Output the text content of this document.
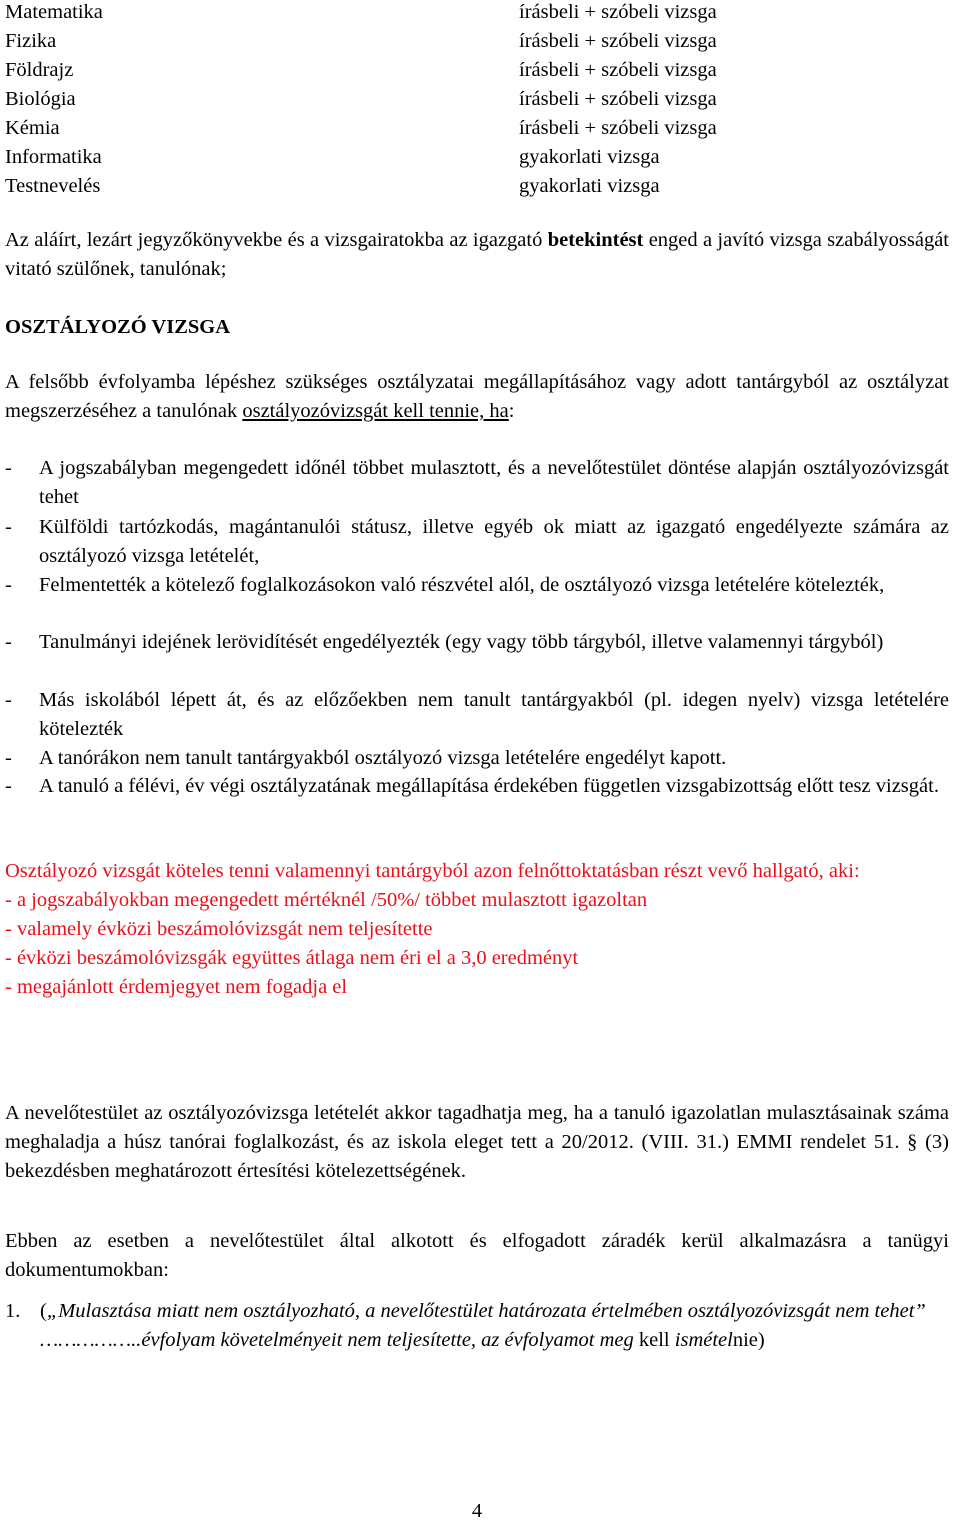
Matematika	írásbeli + szóbeli vizsga
Fizika	írásbeli + szóbeli vizsga
Földrajz	írásbeli + szóbeli vizsga
Biológia	írásbeli + szóbeli vizsga
Kémia	írásbeli + szóbeli vizsga
Informatika	gyakorlati vizsga
Testnevelés	gyakorlati vizsga
Az aláírt, lezárt jegyzőkönyvekbe és a vizsgairatokba az igazgató betekintést enged a javító vizsga szabályosságát vitató szülőnek, tanulónak;
OSZTÁLYOZÓ VIZSGA
A felsőbb évfolyamba lépéshez szükséges osztályzatai megállapításához vagy adott tantárgyból az osztályzat megszerzéséhez a tanulónak osztályozóvizsgát kell tennie, ha:
- A jogszabályban megengedett időnél többet mulasztott, és a nevelőtestület döntése alapján osztályozóvizsgát tehet
- Külföldi tartózkodás, magántanulói státusz, illetve egyéb ok miatt az igazgató engedélyezte számára az osztályozó vizsga letételét,
- Felmentették a kötelező foglalkozásokon való részvétel alól, de osztályozó vizsga letételére kötelezték,
- Tanulmányi idejének lerövidítését engedélyezték (egy vagy több tárgyból, illetve valamennyi tárgyból)
- Más iskolából lépett át, és az előzőekben nem tanult tantárgyakból (pl. idegen nyelv) vizsga letételére kötelezték
- A tanórákon nem tanult tantárgyakból osztályozó vizsga letételére engedélyt kapott.
- A tanuló a félévi, év végi osztályzatának megállapítása érdekében független vizsgabizottság előtt tesz vizsgát.
Osztályozó vizsgát köteles tenni valamennyi tantárgyból azon felnőttoktatásban részt vevő hallgató, aki:
- a jogszabályokban megengedett mértéknél /50%/ többet mulasztott igazoltan
- valamely évközi beszámolóvizsgát nem teljesítette
- évközi beszámolóvizsgák együttes átlaga nem éri el a 3,0 eredményt
- megajánlott érdemjegyet nem fogadja el
A nevelőtestület az osztályozóvizsga letételét akkor tagadhatja meg, ha a tanuló igazolatlan mulasztásainak száma meghaladja a húsz tanórai foglalkozást, és az iskola eleget tett a 20/2012. (VIII. 31.) EMMI rendelet 51. § (3) bekezdésben meghatározott értesítési kötelezettségének.
Ebben az esetben a nevelőtestület által alkotott és elfogadott záradék kerül alkalmazásra a tanügyi dokumentumokban:
1. („Mulasztása miatt nem osztályozható, a nevelőtestület határozata értelmében osztályozóvizsgát nem tehet”
……………..évfolyam követelményeit nem teljesítette, az évfolyamot meg kell ismételnie)
4
